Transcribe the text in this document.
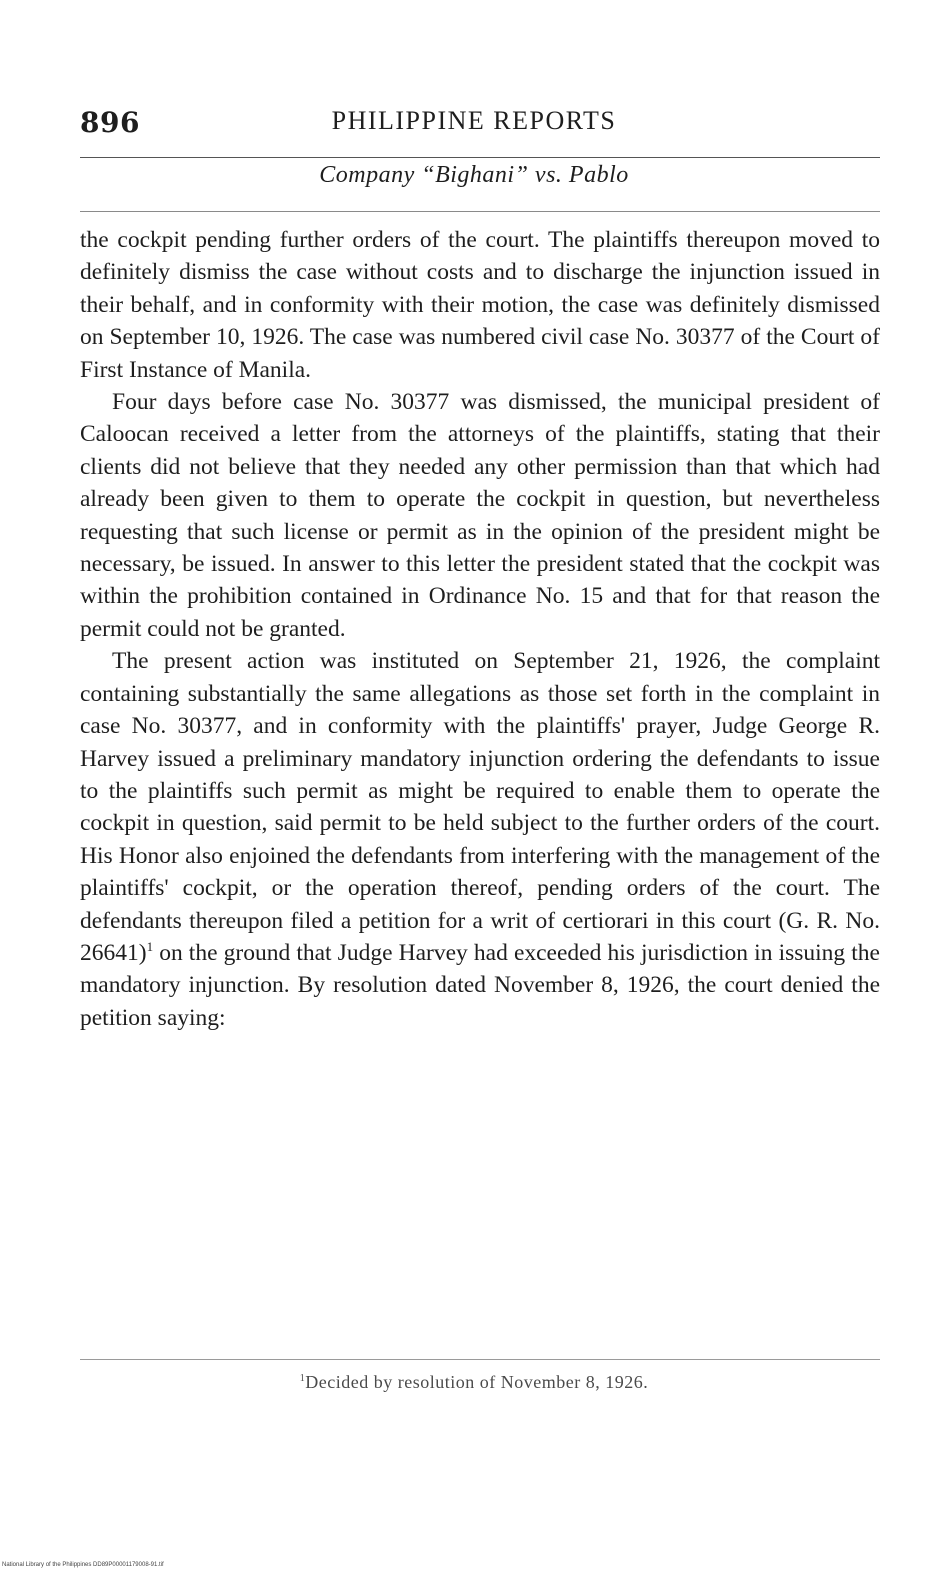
896	PHILIPPINE REPORTS
Company “Bighani” vs. Pablo

the cockpit pending further orders of the court. The plaintiffs thereupon moved to definitely dismiss the case without costs and to discharge the injunction issued in their behalf, and in conformity with their motion, the case was definitely dismissed on September 10, 1926. The case was numbered civil case No. 30377 of the Court of First Instance of Manila.

Four days before case No. 30377 was dismissed, the municipal president of Caloocan received a letter from the attorneys of the plaintiffs, stating that their clients did not believe that they needed any other permission than that which had already been given to them to operate the cockpit in question, but nevertheless requesting that such license or permit as in the opinion of the president might be necessary, be issued. In answer to this letter the president stated that the cockpit was within the prohibition contained in Ordinance No. 15 and that for that reason the permit could not be granted.

The present action was instituted on September 21, 1926, the complaint containing substantially the same allegations as those set forth in the complaint in case No. 30377, and in conformity with the plaintiffs' prayer, Judge George R. Harvey issued a preliminary mandatory injunction ordering the defendants to issue to the plaintiffs such permit as might be required to enable them to operate the cockpit in question, said permit to be held subject to the further orders of the court. His Honor also enjoined the defendants from interfering with the management of the plaintiffs' cockpit, or the operation thereof, pending orders of the court. The defendants thereupon filed a petition for a writ of certiorari in this court (G. R. No. 26641)$^1$ on the ground that Judge Harvey had exceeded his jurisdiction in issuing the mandatory injunction. By resolution dated November 8, 1926, the court denied the petition saying:

$^1$Decided by resolution of November 8, 1926.
National Library of the Philippines DD89P00001179008-91.tif
